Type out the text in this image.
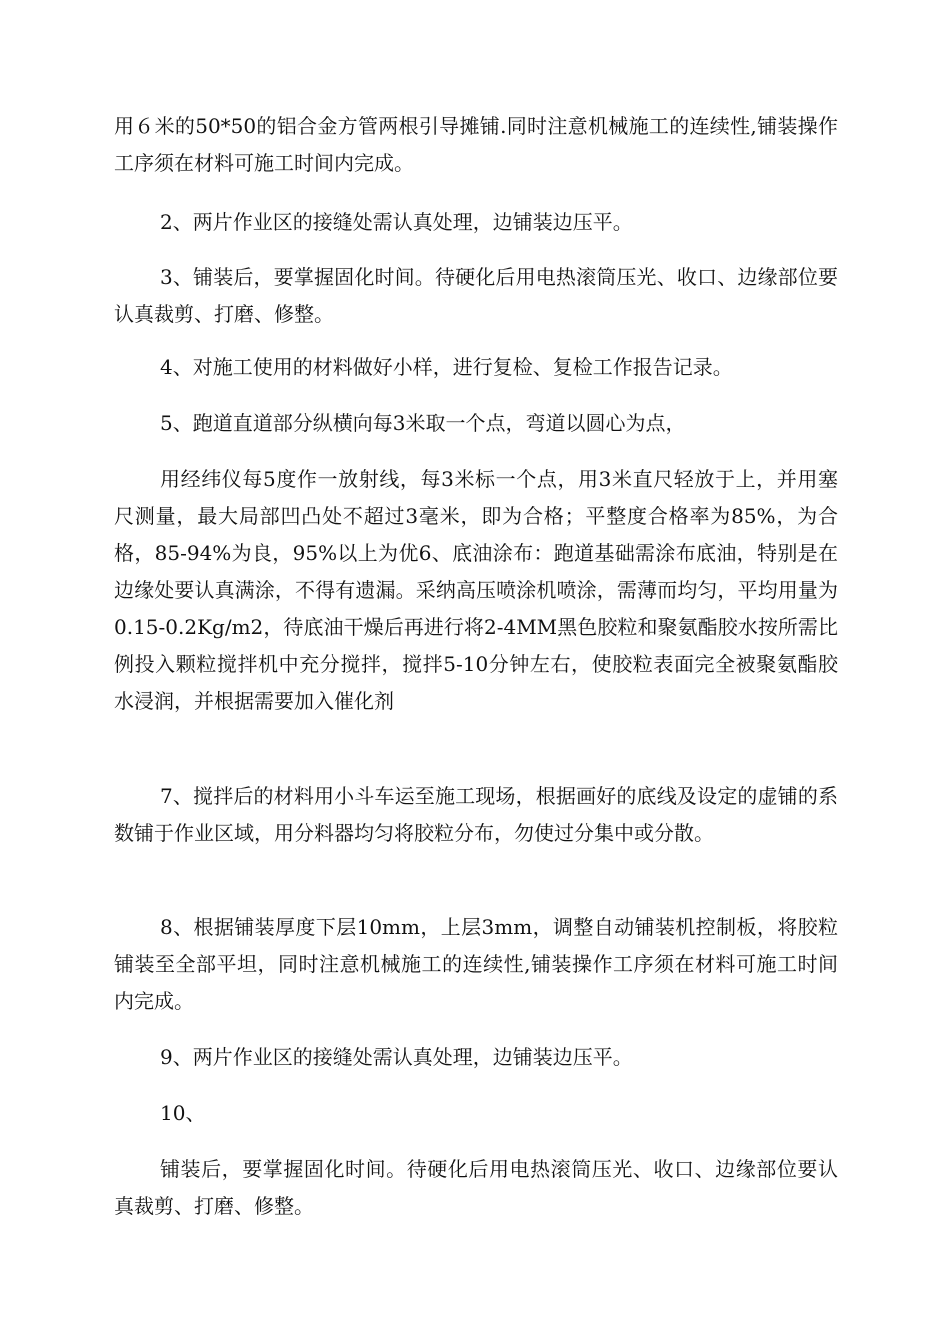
用６米的50*50的铝合金方管两根引导摊铺.同时注意机械施工的连续性,铺装操作工序须在材料可施工时间内完成。

2、两片作业区的接缝处需认真处理，边铺装边压平。

3、铺装后，要掌握固化时间。待硬化后用电热滚筒压光、收口、边缘部位要认真裁剪、打磨、修整。

4、对施工使用的材料做好小样，进行复检、复检工作报告记录。

5、跑道直道部分纵横向每3米取一个点，弯道以圆心为点，

用经纬仪每5度作一放射线，每3米标一个点，用3米直尺轻放于上，并用塞尺测量，最大局部凹凸处不超过3毫米，即为合格；平整度合格率为85%，为合格，85-94%为良，95%以上为优6、底油涂布：跑道基础需涂布底油，特别是在边缘处要认真满涂，不得有遗漏。采纳高压喷涂机喷涂，需薄而均匀，平均用量为0.15-0.2Kg/m2，待底油干燥后再进行将2-4MM黑色胶粒和聚氨酯胶水按所需比例投入颗粒搅拌机中充分搅拌，搅拌5-10分钟左右，使胶粒表面完全被聚氨酯胶水浸润，并根据需要加入催化剂

7、搅拌后的材料用小斗车运至施工现场，根据画好的底线及设定的虚铺的系数铺于作业区域，用分料器均匀将胶粒分布，勿使过分集中或分散。

8、根据铺装厚度下层10mm，上层3mm，调整自动铺装机控制板，将胶粒铺装至全部平坦，同时注意机械施工的连续性,铺装操作工序须在材料可施工时间内完成。

9、两片作业区的接缝处需认真处理，边铺装边压平。

10、

铺装后，要掌握固化时间。待硬化后用电热滚筒压光、收口、边缘部位要认真裁剪、打磨、修整。
